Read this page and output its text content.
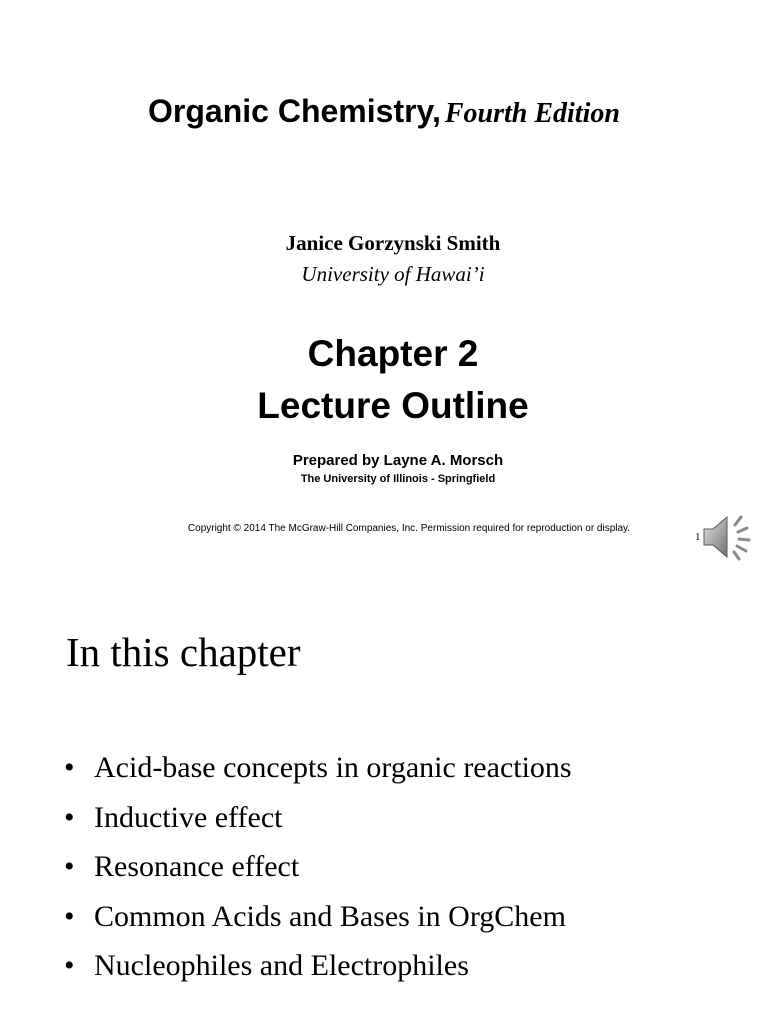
Organic Chemistry, Fourth Edition
Janice Gorzynski Smith
University of Hawai’i
Chapter 2
Lecture Outline
Prepared by Layne A. Morsch
The University of Illinois - Springfield
Copyright © 2014 The McGraw-Hill Companies, Inc. Permission required for reproduction or display.
1
In this chapter
• Acid-base concepts in organic reactions
• Inductive effect
• Resonance effect
• Common Acids and Bases in OrgChem
• Nucleophiles and Electrophiles
